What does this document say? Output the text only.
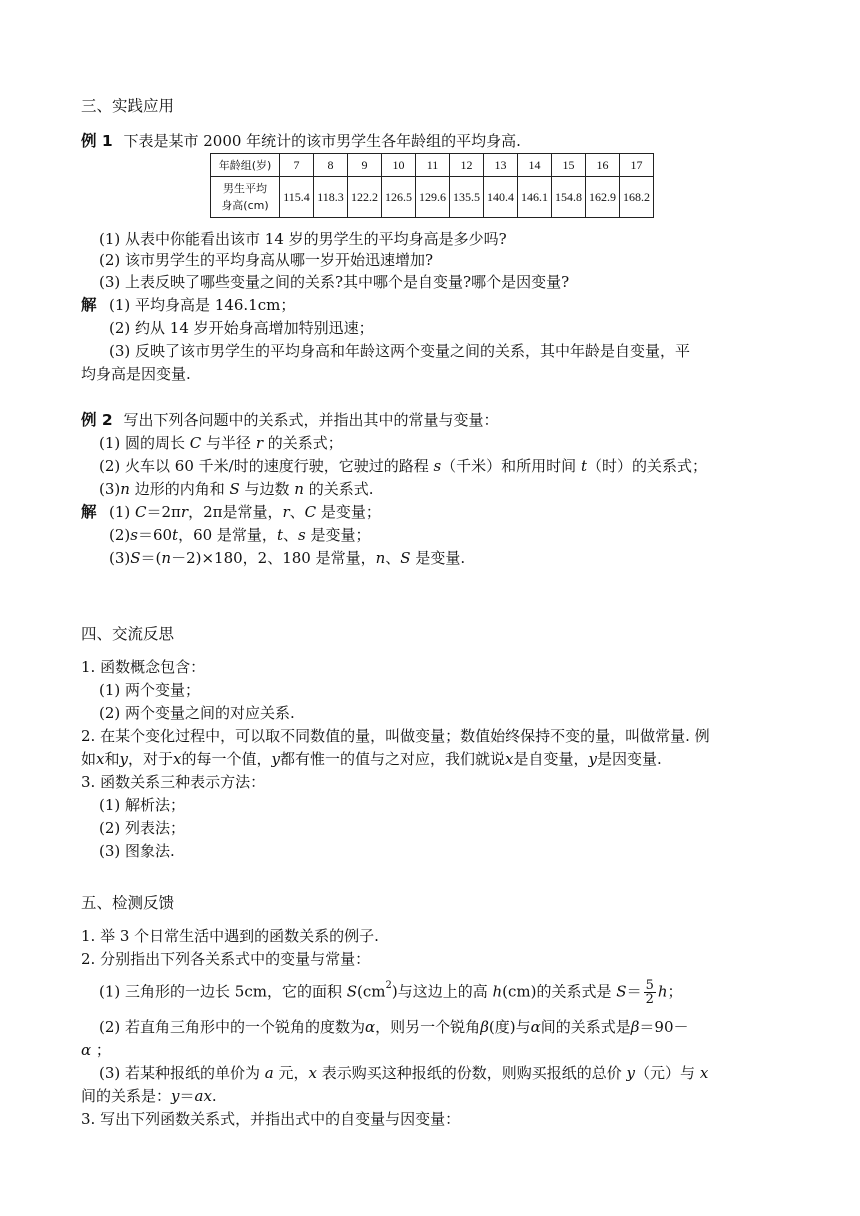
三、实践应用
例 1 下表是某市 2000 年统计的该市男学生各年龄组的平均身高.
年龄组(岁)	7	8	9	10	11	12	13	14	15	16	17
男生平均
身高(cm)	115.4	118.3	122.2	126.5	129.6	135.5	140.4	146.1	154.8	162.9	168.2
(1) 从表中你能看出该市 14 岁的男学生的平均身高是多少吗?
(2) 该市男学生的平均身高从哪一岁开始迅速增加?
(3) 上表反映了哪些变量之间的关系?其中哪个是自变量?哪个是因变量?
解 (1) 平均身高是 146.1cm；
(2) 约从 14 岁开始身高增加特别迅速；
(3) 反映了该市男学生的平均身高和年龄这两个变量之间的关系，其中年龄是自变量，平
均身高是因变量.
例 2 写出下列各问题中的关系式，并指出其中的常量与变量：
(1) 圆的周长 C 与半径 r 的关系式；
(2) 火车以 60 千米/时的速度行驶，它驶过的路程 s（千米）和所用时间 t（时）的关系式；
(3)n 边形的内角和 S 与边数 n 的关系式.
解 (1) C＝2πr，2π是常量，r、C 是变量；
(2)s＝60t，60 是常量，t、s 是变量；
(3)S＝(n－2)×180，2、180 是常量，n、S 是变量.
四、交流反思
1. 函数概念包含：
(1) 两个变量；
(2) 两个变量之间的对应关系.
2. 在某个变化过程中，可以取不同数值的量，叫做变量；数值始终保持不变的量，叫做常量. 例
如x和y，对于x的每一个值，y都有惟一的值与之对应，我们就说x是自变量，y是因变量.
3. 函数关系三种表示方法：
(1) 解析法；
(2) 列表法；
(3) 图象法.
五、检测反馈
1. 举 3 个日常生活中遇到的函数关系的例子.
2. 分别指出下列各关系式中的变量与常量：
(1) 三角形的一边长 5cm，它的面积 $S(cm^2)$与这边上的高 h(cm)的关系式是 $S= \frac{5}{2}$ h；
(2) 若直角三角形中的一个锐角的度数为α，则另一个锐角β(度)与α间的关系式是β＝90－
α ；
(3) 若某种报纸的单价为 a 元，x 表示购买这种报纸的份数，则购买报纸的总价 y（元）与 x
间的关系是：y＝ax.
3. 写出下列函数关系式，并指出式中的自变量与因变量：
